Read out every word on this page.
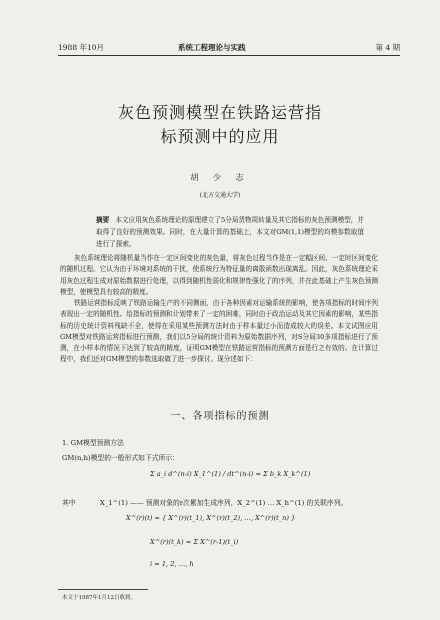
1988 年10月	系统工程理论与实践	第 4 期
灰色预测模型在铁路运营指
标预测中的应用
胡 少 志
(北方交通大学)
摘要 本文应用灰色系统理论的原理建立了5分局货物周转量及其它指标的灰色预测模型，并取得了良好的预测效果。同时，在大量计算的基础上，本文对GM(1,1)模型的均模参数取值进行了探索。

灰色系统理论将随机量当作在一定区间变化的灰色量，将灰色过程当作是在一定幅区间、一定时区间变化的随机过程。它认为由于环境对系统的干扰，使系统行为特征量的离散函数出现离乱。因此，灰色系统理论采用灰色过程生成对原始数据进行处理，以得到随机性弱化和规律性强化了的序列，并在此基础上产生灰色预测模型，使模型具有较高的精度。

铁路运营指标反映了铁路运输生产的不同侧面，由于各种因素对运输系统的影响，使各项指标的时间序列表现出一定的随机性。给指标的预测和计划带来了一定的困难，同时由于政治运动及其它因素的影响，某些指标的历史统计资料残缺不全，使得在采用某些预测方法时由于样本量过小而造成较大的误差。本文试图应用GM模型对铁路运营指标进行预测，我们以5分局的统计资料为原始数据序列，对S分局30多项指标进行了预测，在小样本的情况下达到了较高的精度，证明GM模型在铁路运营指标的预测方面是行之有效的。在计算过程中，我们还对GM模型的参数选取做了进一步探讨。现分述如下：

一、各项指标的预测
1. GM模型预测方法
GM(n,h)模型的一般形式如下式所示：
Σ a_i d^(n-i) X_1^(1) / dt^(n-i) = Σ b_k X_k^(1)
其中	X_1^(1) —— 预测对象的r次累加生成序列，X_2^(1) … X_h^(1) 的关联序列。
X^(r)(t) = { X^(r)(t_1), X^(r)(t_2), …, X^(r)(t_n) }
X^(r)(t_k) = Σ X^(r-1)(t_i)
i = 1, 2, …, h
本文于1987年1月12日收到。
